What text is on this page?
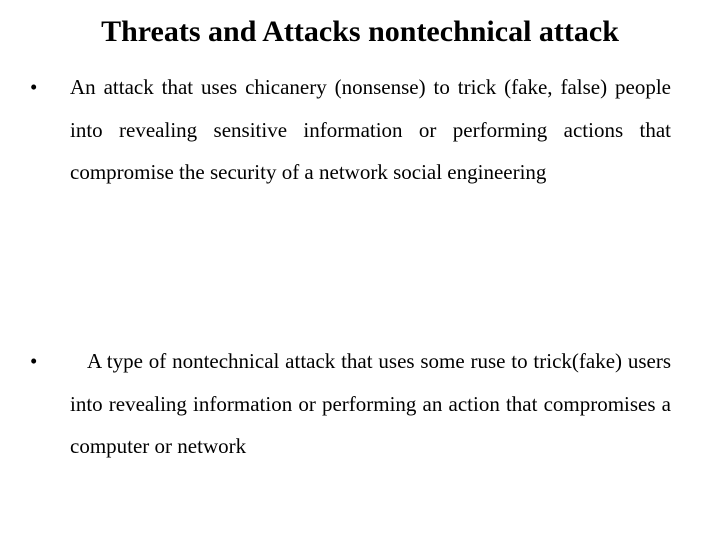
Threats and Attacks nontechnical attack
•	An attack that uses chicanery (nonsense) to trick (fake, false) people into revealing sensitive information or performing actions that compromise the security of a network social engineering
•	A type of nontechnical attack that uses some ruse to trick(fake) users into revealing information or performing an action that compromises a computer or network
